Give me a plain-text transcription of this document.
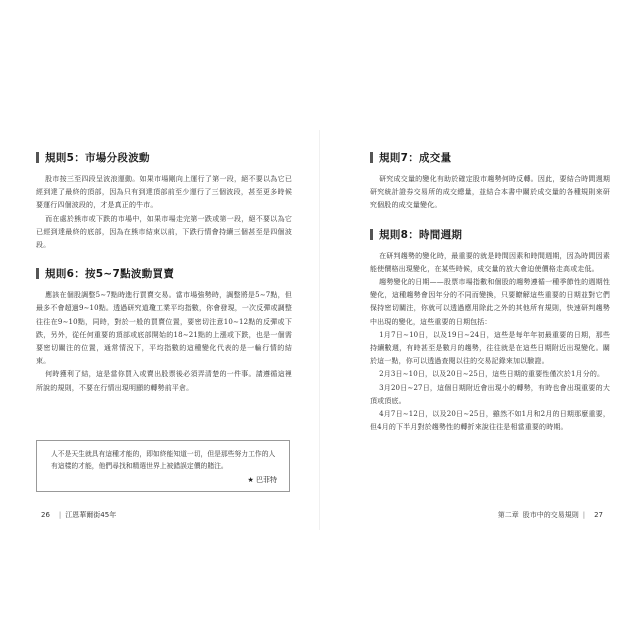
規則5：市場分段波動

股市按三至四段呈波浪運動。如果市場剛向上運行了第一段，絕不要以為它已經到達了最終的頂部，因為只有到達頂部前至少運行了三個波段，甚至更多時候要運行四個波段的，才是真正的牛市。

而在處於熊市或下跌的市場中，如果市場走完第一跌或第一段，絕不要以為它已經到達最終的底部，因為在熊市結束以前，下跌行情會持續三個甚至是四個波段。

規則6：按5∼7點波動買賣

應該在個股調整5∼7點時進行買賣交易。當市場強勢時，調整將是5∼7點，但最多不會超過9∼10點。透過研究道瓊工業平均指數，你會發現，一次反彈或調整往往在9∼10點，同時，對於一般的買賣位置，要密切注意10∼12點的反彈或下跌，另外，從任何重要的頂部或底部開始的18∼21點的上漲或下跌，也是一個需要密切關注的位置，通常情況下，平均指數的這種變化代表的是一輪行情的結束。

何時獲利了結，這是當你買入或賣出股票後必須弄清楚的一件事。請遵循這裡所說的規則，不要在行情出現明顯的轉勢前平倉。

人不是天生就具有這種才能的，即如終能知道一切，但是那些努力工作的人有這樣的才能，他們尋找和精選世界上被錯誤定價的賭注。

★ 巴菲特
26 | 江恩華爾街45年
規則7：成交量

研究成交量的變化有助於確定股市趨勢何時反轉。因此，要結合時間週期研究統計證券交易所的成交總量，並結合本書中關於成交量的各種規則來研究個股的成交量變化。

規則8：時間週期

在研判趨勢的變化時，最重要的就是時間因素和時間週期，因為時間因素能使價格出現變化，在某些時候，成交量的放大會迫使價格走高或走低。

趨勢變化的日期——股票市場指數和個股的趨勢遵循一種季節性的週期性變化，這種趨勢會因年分的不同而變換，只要瞭解這些重要的日期並對它們保持密切關注，你就可以透過應用除此之外的其他所有規則，快速研判趨勢中出現的變化，這些重要的日期包括：

1月7日∼10日，以及19日∼24日，這些是每年年初最重要的日期，那些持續數週，有時甚至是數月的趨勢，往往就是在這些日期附近出現變化。關於這一點，你可以透過查閱以往的交易記錄來加以驗證。

2月3日∼10日，以及20日∼25日，這些日期的重要性僅次於1月分的。

3月20日∼27日，這個日期附近會出現小的轉勢，有時也會出現重要的大頂或頂底。

4月7日∼12日，以及20日∼25日，雖然不如1月和2月的日期那麼重要，但4月的下半月對於趨勢性的轉折來說往往是相當重要的時期。

第二章 股市中的交易規則 | 27
